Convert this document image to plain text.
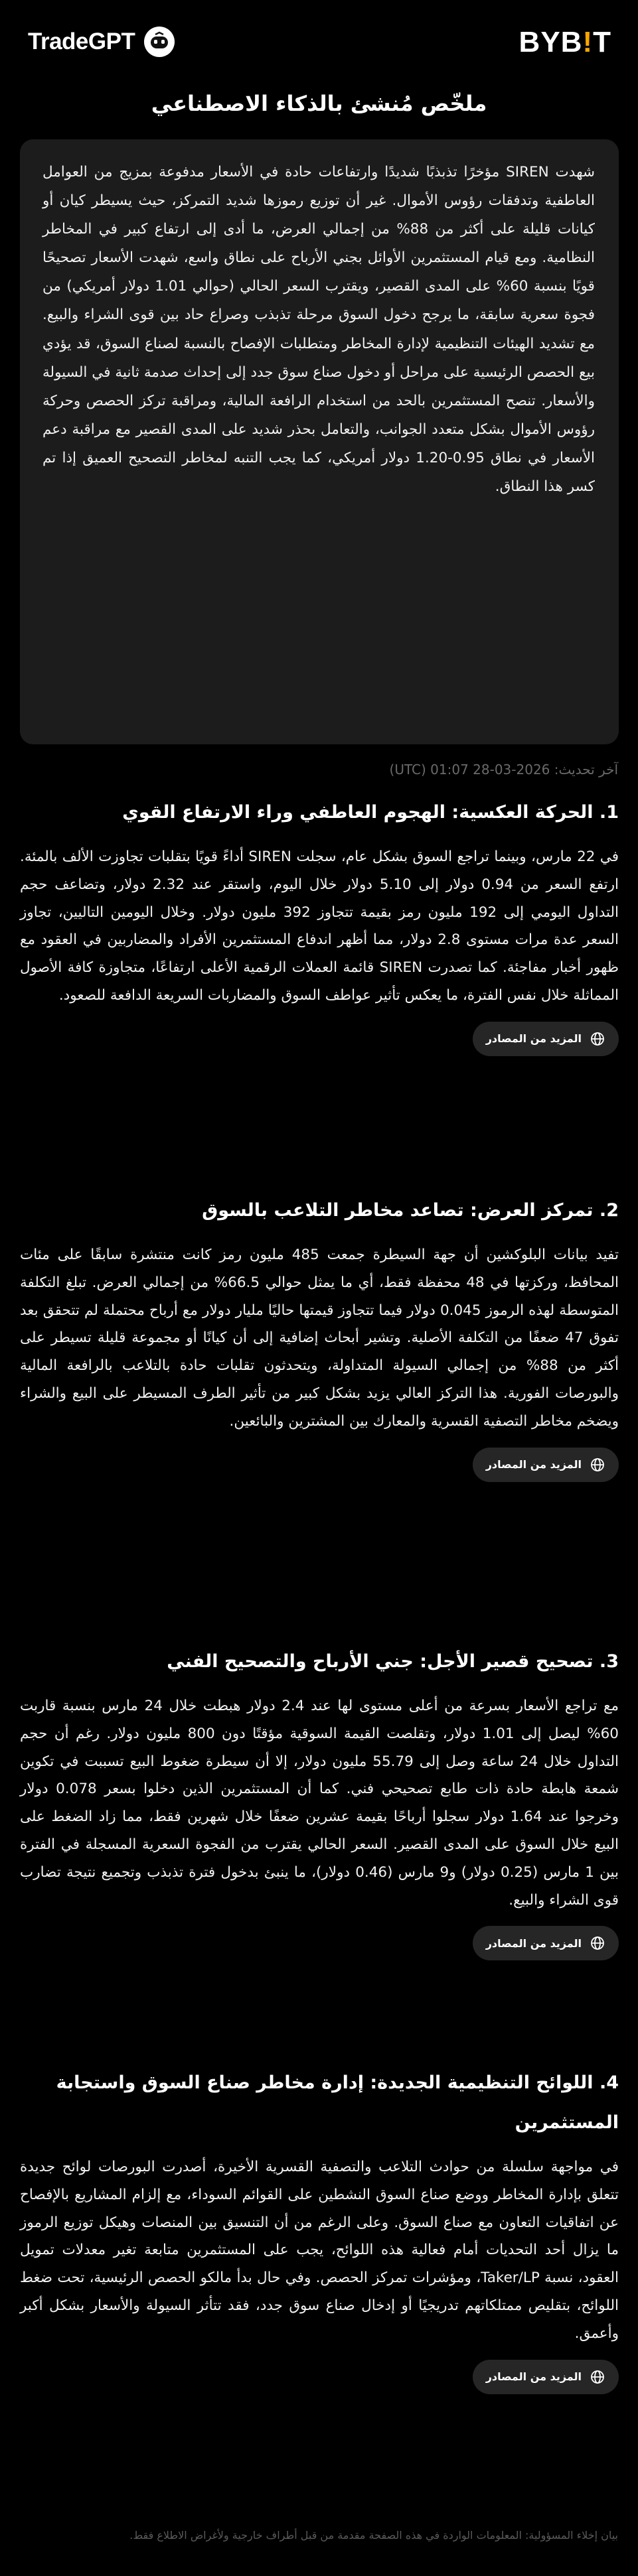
TradeGPT	BYB ! T
ملخّص مُنشئ بالذكاء الاصطناعي

شهدت SIREN مؤخرًا تذبذبًا شديدًا وارتفاعات حادة في الأسعار مدفوعة بمزيج من العوامل العاطفية وتدفقات رؤوس الأموال. غير أن توزيع رموزها شديد التمركز، حيث يسيطر كيان أو كيانات قليلة على أكثر من 88% من إجمالي العرض، ما أدى إلى ارتفاع كبير في المخاطر النظامية. ومع قيام المستثمرين الأوائل بجني الأرباح على نطاق واسع، شهدت الأسعار تصحيحًا قويًا بنسبة 60% على المدى القصير، ويقترب السعر الحالي (حوالي 1.01 دولار أمريكي) من فجوة سعرية سابقة، ما يرجح دخول السوق مرحلة تذبذب وصراع حاد بين قوى الشراء والبيع. مع تشديد الهيئات التنظيمية لإدارة المخاطر ومتطلبات الإفصاح بالنسبة لصناع السوق، قد يؤدي بيع الحصص الرئيسية على مراحل أو دخول صناع سوق جدد إلى إحداث صدمة ثانية في السيولة والأسعار. تنصح المستثمرين بالحد من استخدام الرافعة المالية، ومراقبة تركز الحصص وحركة رؤوس الأموال بشكل متعدد الجوانب، والتعامل بحذر شديد على المدى القصير مع مراقبة دعم الأسعار في نطاق 0.95-1.20 دولار أمريكي، كما يجب التنبه لمخاطر التصحيح العميق إذا تم كسر هذا النطاق.

آخر تحديث: 2026-03-28 01:07 (UTC)
1. الحركة العكسية: الهجوم العاطفي وراء الارتفاع القوي

في 22 مارس، وبينما تراجع السوق بشكل عام، سجلت SIREN أداءً قويًا بتقلبات تجاوزت الألف بالمئة. ارتفع السعر من 0.94 دولار إلى 5.10 دولار خلال اليوم، واستقر عند 2.32 دولار، وتضاعف حجم التداول اليومي إلى 192 مليون رمز بقيمة تتجاوز 392 مليون دولار. وخلال اليومين التاليين، تجاوز السعر عدة مرات مستوى 2.8 دولار، مما أظهر اندفاع المستثمرين الأفراد والمضاربين في العقود مع ظهور أخبار مفاجئة. كما تصدرت SIREN قائمة العملات الرقمية الأعلى ارتفاعًا، متجاوزة كافة الأصول المماثلة خلال نفس الفترة، ما يعكس تأثير عواطف السوق والمضاربات السريعة الدافعة للصعود.

المزيد من المصادر
2. تمركز العرض: تصاعد مخاطر التلاعب بالسوق

تفيد بيانات البلوكشين أن جهة السيطرة جمعت 485 مليون رمز كانت منتشرة سابقًا على مئات المحافظ، وركزتها في 48 محفظة فقط، أي ما يمثل حوالي 66.5% من إجمالي العرض. تبلغ التكلفة المتوسطة لهذه الرموز 0.045 دولار فيما تتجاوز قيمتها حاليًا مليار دولار مع أرباح محتملة لم تتحقق بعد تفوق 47 ضعفًا من التكلفة الأصلية. وتشير أبحاث إضافية إلى أن كيانًا أو مجموعة قليلة تسيطر على أكثر من 88% من إجمالي السيولة المتداولة، ويتحدثون تقلبات حادة بالتلاعب بالرافعة المالية والبورصات الفورية. هذا التركز العالي يزيد بشكل كبير من تأثير الطرف المسيطر على البيع والشراء ويضخم مخاطر التصفية القسرية والمعارك بين المشترين والبائعين.

المزيد من المصادر
3. تصحيح قصير الأجل: جني الأرباح والتصحيح الفني

مع تراجع الأسعار بسرعة من أعلى مستوى لها عند 2.4 دولار هبطت خلال 24 مارس بنسبة قاربت 60% ليصل إلى 1.01 دولار، وتقلصت القيمة السوقية مؤقتًا دون 800 مليون دولار. رغم أن حجم التداول خلال 24 ساعة وصل إلى 55.79 مليون دولار، إلا أن سيطرة ضغوط البيع تسببت في تكوين شمعة هابطة حادة ذات طابع تصحيحي فني. كما أن المستثمرين الذين دخلوا بسعر 0.078 دولار وخرجوا عند 1.64 دولار سجلوا أرباحًا بقيمة عشرين ضعفًا خلال شهرين فقط، مما زاد الضغط على البيع خلال السوق على المدى القصير. السعر الحالي يقترب من الفجوة السعرية المسجلة في الفترة بين 1 مارس (0.25 دولار) و9 مارس (0.46 دولار)، ما ينبئ بدخول فترة تذبذب وتجميع نتيجة تضارب قوى الشراء والبيع.

المزيد من المصادر
4. اللوائح التنظيمية الجديدة: إدارة مخاطر صناع السوق واستجابة المستثمرين

في مواجهة سلسلة من حوادث التلاعب والتصفية القسرية الأخيرة، أصدرت البورصات لوائح جديدة تتعلق بإدارة المخاطر ووضع صناع السوق النشطين على القوائم السوداء، مع إلزام المشاريع بالإفصاح عن اتفاقيات التعاون مع صناع السوق. وعلى الرغم من أن التنسيق بين المنصات وهيكل توزيع الرموز ما يزال أحد التحديات أمام فعالية هذه اللوائح، يجب على المستثمرين متابعة تغير معدلات تمويل العقود، نسبة Taker/LP، ومؤشرات تمركز الحصص. وفي حال بدأ مالكو الحصص الرئيسية، تحت ضغط اللوائح، بتقليص ممتلكاتهم تدريجيًا أو إدخال صناع سوق جدد، فقد تتأثر السيولة والأسعار بشكل أكبر وأعمق.

المزيد من المصادر
بيان إخلاء المسؤولية: المعلومات الواردة في هذه الصفحة مقدمة من قبل أطراف خارجية ولأغراض الاطلاع فقط.
